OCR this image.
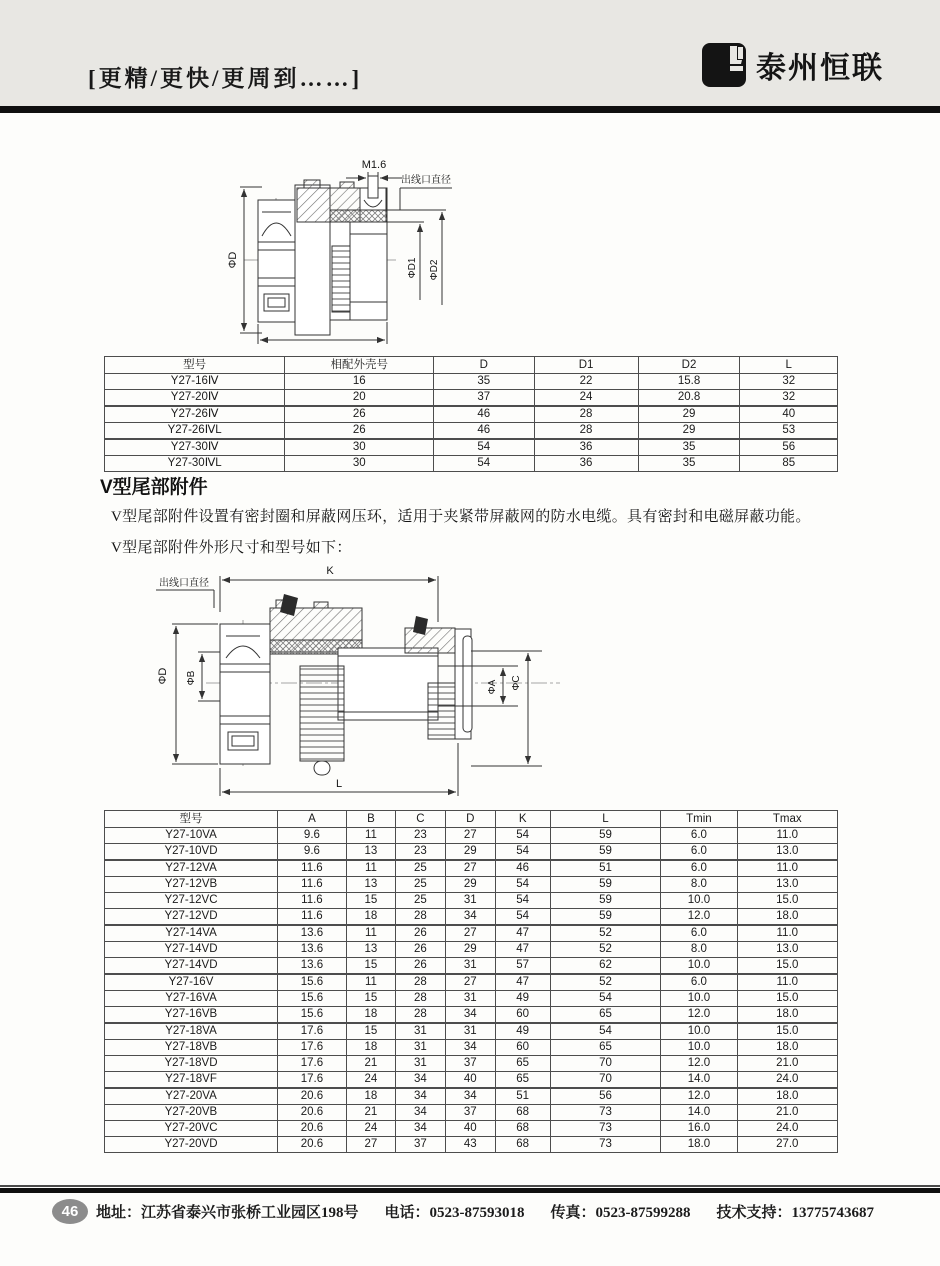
[更精/更快/更周到……]	泰州恒联
M1.6
出线口直径
ΦD	ΦD1 ΦD2
型号	相配外壳号	D	D1	D2	L
Y27-16Ⅳ	16	35	22	15.8	32
Y27-20Ⅳ	20	37	24	20.8	32
Y27-26Ⅳ	26	46	28	29	40
Y27-26ⅣL	26	46	28	29	53
Y27-30Ⅳ	30	54	36	35	56
Y27-30ⅣL	30	54	36	35	85
V型尾部附件
V型尾部附件设置有密封圈和屏蔽网压环，适用于夹紧带屏蔽网的防水电缆。具有密封和电磁屏蔽功能。
V型尾部附件外形尺寸和型号如下：
出线口直径
K
ΦD ΦB
ΦA ΦC
L
型号	A	B	C	D	K	L	Tmin	Tmax
Y27-10VA	9.6	11	23	27	54	59	6.0	11.0
Y27-10VD	9.6	13	23	29	54	59	6.0	13.0
Y27-12VA	11.6	11	25	27	46	51	6.0	11.0
Y27-12VB	11.6	13	25	29	54	59	8.0	13.0
Y27-12VC	11.6	15	25	31	54	59	10.0	15.0
Y27-12VD	11.6	18	28	34	54	59	12.0	18.0
Y27-14VA	13.6	11	26	27	47	52	6.0	11.0
Y27-14VD	13.6	13	26	29	47	52	8.0	13.0
Y27-14VD	13.6	15	26	31	57	62	10.0	15.0
Y27-16V	15.6	11	28	27	47	52	6.0	11.0
Y27-16VA	15.6	15	28	31	49	54	10.0	15.0
Y27-16VB	15.6	18	28	34	60	65	12.0	18.0
Y27-18VA	17.6	15	31	31	49	54	10.0	15.0
Y27-18VB	17.6	18	31	34	60	65	10.0	18.0
Y27-18VD	17.6	21	31	37	65	70	12.0	21.0
Y27-18VF	17.6	24	34	40	65	70	14.0	24.0
Y27-20VA	20.6	18	34	34	51	56	12.0	18.0
Y27-20VB	20.6	21	34	37	68	73	14.0	21.0
Y27-20VC	20.6	24	34	40	68	73	16.0	24.0
Y27-20VD	20.6	27	37	43	68	73	18.0	27.0
46	地址：江苏省泰兴市张桥工业园区198号 电话：0523-87593018 传真：0523-87599288 技术支持：13775743687
